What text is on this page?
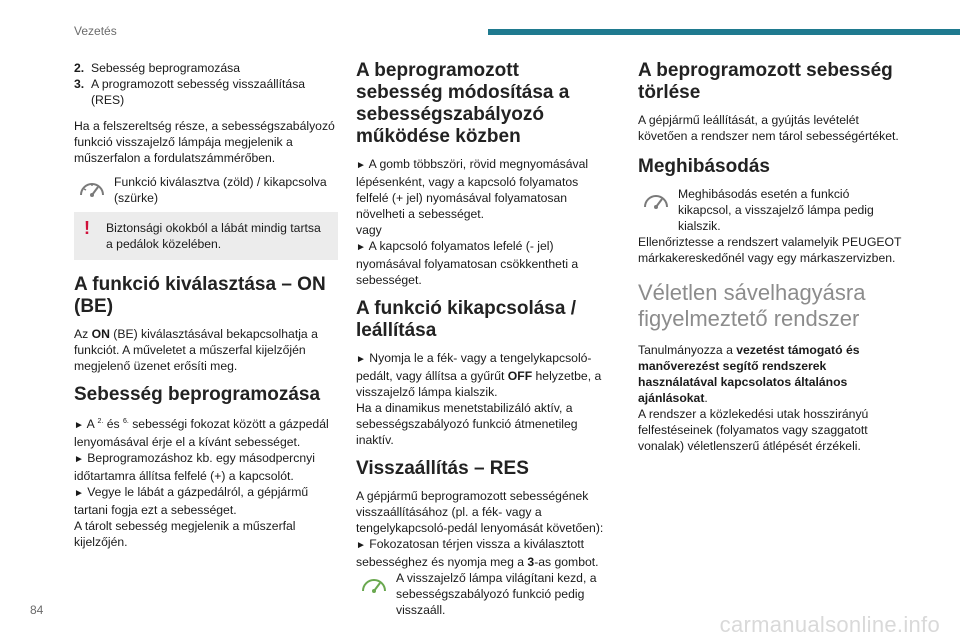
Vezetés
2. Sebesség beprogramozása
3. A programozott sebesség visszaállítása (RES)

Ha a felszereltség része, a sebességszabályozó funkció visszajelző lámpája megjelenik a műszerfalon a fordulatszámmérőben.

Funkció kiválasztva (zöld) / kikapcsolva (szürke)
!	Biztonsági okokból a lábát mindig tartsa a pedálok közelében.
A funkció kiválasztása – ON (BE)

Az ON (BE) kiválasztásával bekapcsolhatja a funkciót. A műveletet a műszerfal kijelzőjén megjelenő üzenet erősíti meg.

Sebesség beprogramozása
► A $^{2.}$ és $^{6.}$ sebességi fokozat között a gázpedál lenyomásával érje el a kívánt sebességet.
► Beprogramozáshoz kb. egy másodpercnyi időtartamra állítsa felfelé (+) a kapcsolót.
► Vegye le lábát a gázpedálról, a gépjármű tartani fogja ezt a sebességet.
A tárolt sebesség megjelenik a műszerfal kijelzőjén.
A beprogramozott sebesség módosítása a sebességszabályozó működése közben
► A gomb többszöri, rövid megnyomásával lépésenként, vagy a kapcsoló folyamatos felfelé (+ jel) nyomásával folyamatosan növelheti a sebességet.
vagy
► A kapcsoló folyamatos lefelé (- jel) nyomásával folyamatosan csökkentheti a sebességet.
A funkció kikapcsolása / leállítása
► Nyomja le a fék- vagy a tengelykapcsoló-pedált, vagy állítsa a gyűrűt OFF helyzetbe, a visszajelző lámpa kialszik.

Ha a dinamikus menetstabilizáló aktív, a sebességszabályozó funkció átmenetileg inaktív.

Visszaállítás – RES
A gépjármű beprogramozott sebességének visszaállításához (pl. a fék- vagy a tengelykapcsoló-pedál lenyomását követően):
► Fokozatosan térjen vissza a kiválasztott sebességhez és nyomja meg a 3-as gombot.
A visszajelző lámpa világítani kezd, a sebességszabályozó funkció pedig visszaáll.
A beprogramozott sebesség törlése

A gépjármű leállítását, a gyújtás levételét követően a rendszer nem tárol sebességértéket.

Meghibásodás
Meghibásodás esetén a funkció kikapcsol, a visszajelző lámpa pedig kialszik.

Ellenőriztesse a rendszert valamelyik PEUGEOT márkakereskedőnél vagy egy márkaszervizben.

Véletlen sávelhagyásra figyelmeztető rendszer
Tanulmányozza a vezetést támogató és manőverezést segítő rendszerek használatával kapcsolatos általános ajánlásokat.

A rendszer a közlekedési utak hosszirányú felfestéseinek (folyamatos vagy szaggatott vonalak) véletlenszerű átlépését érzékeli.

84
carmanualsonline.info
